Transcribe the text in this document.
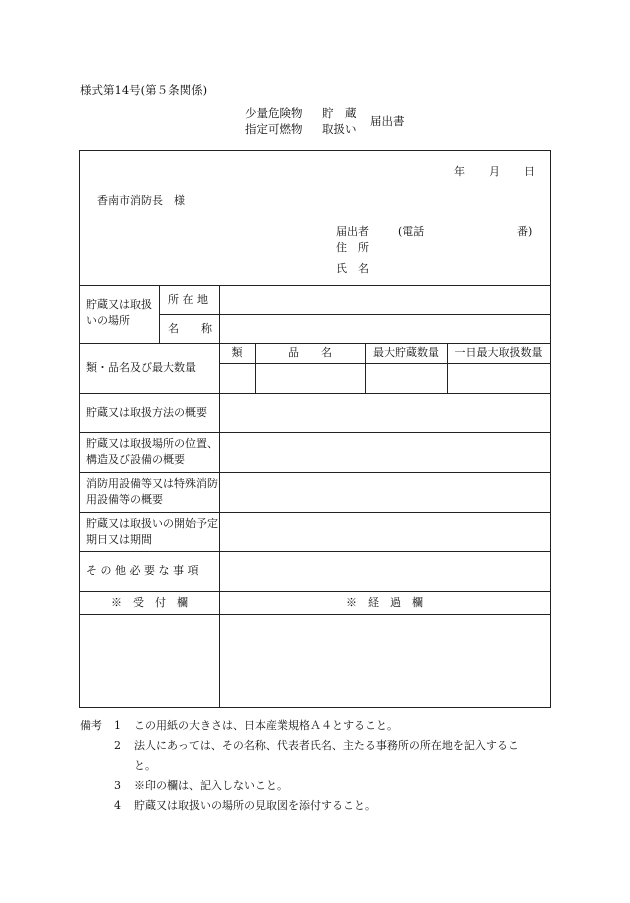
様式第14号(第５条関係)
少量危険物
指定可燃物
貯　蔵
取扱い
届出書
年 月 日
香南市消防長　様
届出者	(電話	番)
住　所
氏　名
貯蔵又は取扱いの場所
所 在 地
名　　称
類・品名及び最大数量
類	品　　名	最大貯蔵数量	一日最大取扱数量
貯蔵又は取扱方法の概要
貯蔵又は取扱場所の位置、構造及び設備の概要
消防用設備等又は特殊消防用設備等の概要
貯蔵又は取扱いの開始予定期日又は期間
そ の 他 必 要 な 事 項
※　受　付　欄	※　経　過　欄
備考	1	この用紙の大きさは、日本産業規格Ａ４とすること。
2	法人にあっては、その名称、代表者氏名、主たる事務所の所在地を記入すること。
3	※印の欄は、記入しないこと。
4	貯蔵又は取扱いの場所の見取図を添付すること。
